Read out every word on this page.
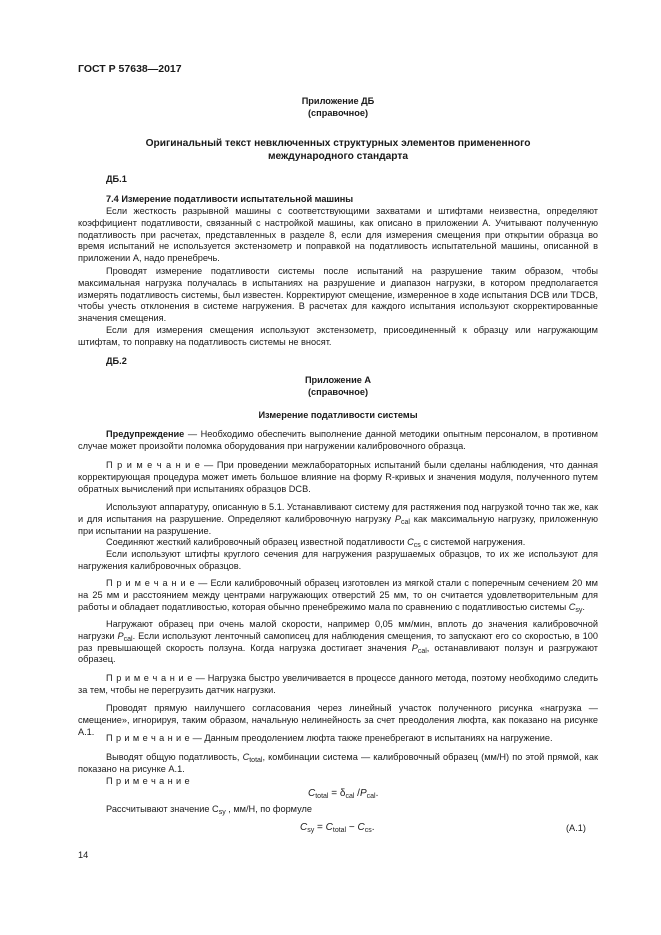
ГОСТ Р 57638—2017
Приложение ДБ
(справочное)
Оригинальный текст невключенных структурных элементов примененного
международного стандарта
ДБ.1
7.4 Измерение податливости испытательной машины

Если жесткость разрывной машины с соответствующими захватами и штифтами неизвестна, определяют коэффициент податливости, связанный с настройкой машины, как описано в приложении А. Учитывают полученную податливость при расчетах, представленных в разделе 8, если для измерения смещения при открытии образца во время испытаний не используется экстензометр и поправкой на податливость испытательной машины, описанной в приложении А, надо пренебречь.

Проводят измерение податливости системы после испытаний на разрушение таким образом, чтобы максимальная нагрузка получалась в испытаниях на разрушение и диапазон нагрузки, в котором предполагается измерять податливость системы, был известен. Корректируют смещение, измеренное в ходе испытания DCB или TDCB, чтобы учесть отклонения в системе нагружения. В расчетах для каждого испытания используют скорректированные значения смещения.

Если для измерения смещения используют экстензометр, присоединенный к образцу или нагружающим штифтам, то поправку на податливость системы не вносят.

ДБ.2
Приложение А
(справочное)
Измерение податливости системы

Предупреждение — Необходимо обеспечить выполнение данной методики опытным персоналом, в противном случае может произойти поломка оборудования при нагружении калибровочного образца.

П р и м е ч а н и е — При проведении межлабораторных испытаний были сделаны наблюдения, что данная корректирующая процедура может иметь большое влияние на форму R-кривых и значения модуля, полученного путем обратных вычислений при испытаниях образцов DCB.

Используют аппаратуру, описанную в 5.1. Устанавливают систему для растяжения под нагрузкой точно так же, как и для испытания на разрушение. Определяют калибровочную нагрузку $P_{cal}$ как максимальную нагрузку, приложенную при испытании на разрушение.

Соединяют жесткий калибровочный образец известной податливости $C_{cs}$ с системой нагружения.

Если используют штифты круглого сечения для нагружения разрушаемых образцов, то их же используют для нагружения калибровочных образцов.

П р и м е ч а н и е — Если калибровочный образец изготовлен из мягкой стали с поперечным сечением 20 мм на 25 мм и расстоянием между центрами нагружающих отверстий 25 мм, то он считается удовлетворительным для работы и обладает податливостью, которая обычно пренебрежимо мала по сравнению с податливостью системы $C_{sy}$.

Нагружают образец при очень малой скорости, например 0,05 мм/мин, вплоть до значения калибровочной нагрузки $P_{cal}$. Если используют ленточный самописец для наблюдения смещения, то запускают его со скоростью, в 100 раз превышающей скорость ползуна. Когда нагрузка достигает значения $P_{cal}$, останавливают ползун и разгружают образец.

П р и м е ч а н и е — Нагрузка быстро увеличивается в процессе данного метода, поэтому необходимо следить за тем, чтобы не перегрузить датчик нагрузки.

Проводят прямую наилучшего согласования через линейный участок полученного рисунка «нагрузка — смещение», игнорируя, таким образом, начальную нелинейность за счет преодоления люфта, как показано на рисунке А.1.

П р и м е ч а н и е — Данным преодолением люфта также пренебрегают в испытаниях на нагружение.

Выводят общую податливость, $C_{total}$, комбинации система — калибровочный образец (мм/Н) по этой прямой, как показано на рисунке А.1.

П р и м е ч а н и е
$C_{total} = \delta_{cal}$ $/P_{cal}$.
Рассчитывают значение $C_{sy}$ , мм/Н, по формуле
$C_{sy} = C_{total} - C_{cs}$.	(А.1)
14
